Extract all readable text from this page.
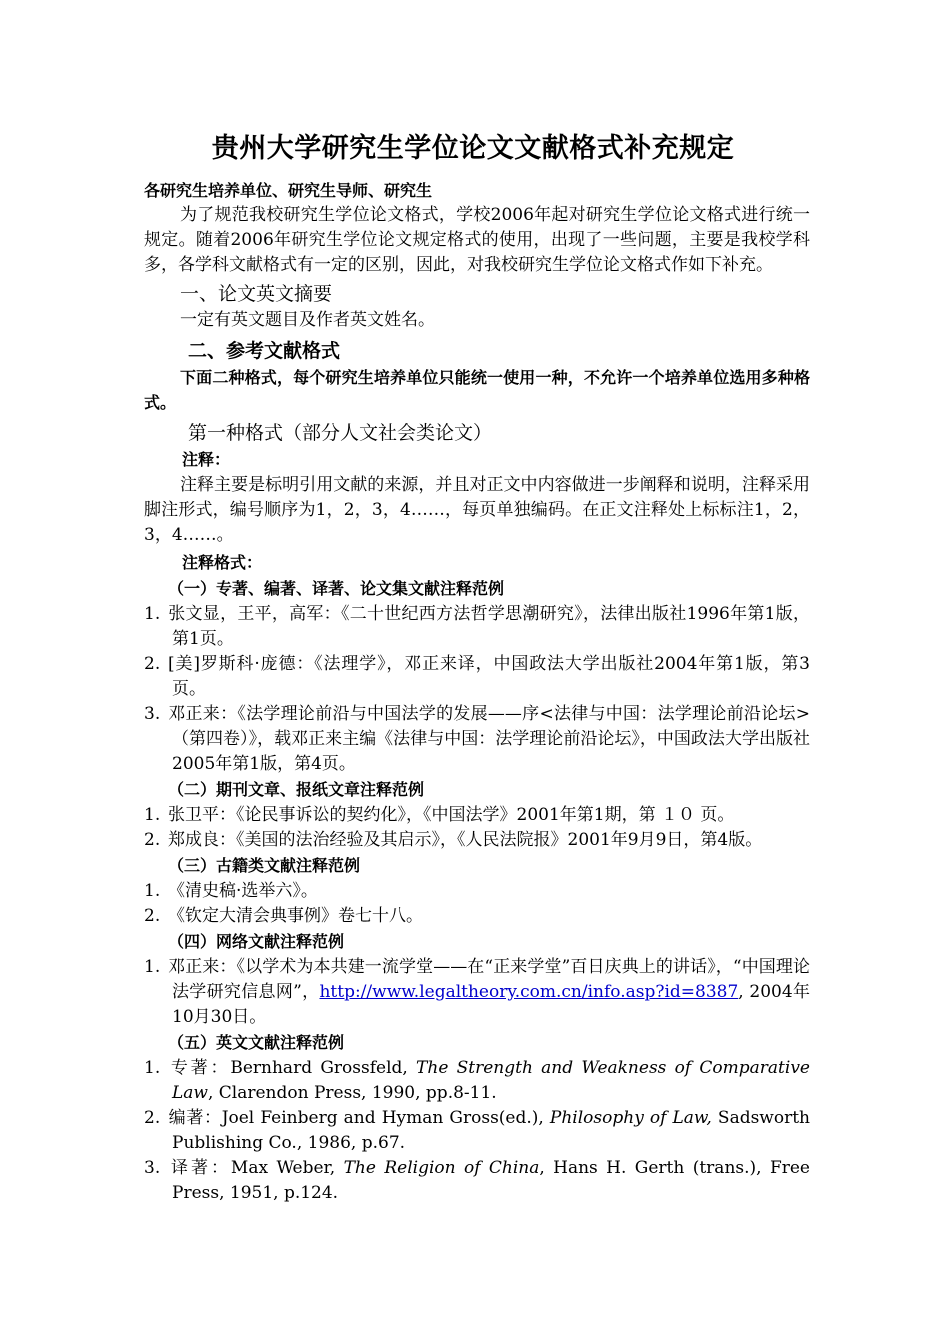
贵州大学研究生学位论文文献格式补充规定

各研究生培养单位、研究生导师、研究生

为了规范我校研究生学位论文格式，学校2006年起对研究生学位论文格式进行统一规定。随着2006年研究生学位论文规定格式的使用，出现了一些问题，主要是我校学科多，各学科文献格式有一定的区别，因此，对我校研究生学位论文格式作如下补充。

一、论文英文摘要

一定有英文题目及作者英文姓名。

二、参考文献格式

下面二种格式，每个研究生培养单位只能统一使用一种，不允许一个培养单位选用多种格式。

第一种格式（部分人文社会类论文）

注释：

注释主要是标明引用文献的来源，并且对正文中内容做进一步阐释和说明，注释采用脚注形式，编号顺序为1，2，3，4……，每页单独编码。在正文注释处上标标注1，2，3，4……。

注释格式：

（一）专著、编著、译著、论文集文献注释范例

1. 张文显，王平，高军：《二十世纪西方法哲学思潮研究》，法律出版社1996年第1版，第1页。
2. [美]罗斯科·庞德：《法理学》，邓正来译，中国政法大学出版社2004年第1版，第3页。
3. 邓正来：《法学理论前沿与中国法学的发展——序<法律与中国：法学理论前沿论坛>（第四卷）》，载邓正来主编《法律与中国：法学理论前沿论坛》，中国政法大学出版社2005年第1版，第4页。

（二）期刊文章、报纸文章注释范例

1. 张卫平：《论民事诉讼的契约化》，《中国法学》2001年第1期，第 １０ 页。
2. 郑成良：《美国的法治经验及其启示》，《人民法院报》2001年9月9日，第4版。

（三）古籍类文献注释范例

1. 《清史稿·选举六》。
2. 《钦定大清会典事例》卷七十八。

（四）网络文献注释范例

1. 邓正来：《以学术为本共建一流学堂——在“正来学堂”百日庆典上的讲话》，“中国理论法学研究信息网”，http://www.legaltheory.com.cn/info.asp?id=8387, 2004年10月30日。

（五）英文文献注释范例

1. 专著：Bernhard Grossfeld, The Strength and Weakness of Comparative Law, Clarendon Press, 1990, pp.8-11.
2. 编著：Joel Feinberg and Hyman Gross(ed.), Philosophy of Law, Sadsworth Publishing Co., 1986, p.67.
3. 译著：Max Weber, The Religion of China, Hans H. Gerth (trans.), Free Press, 1951, p.124.
